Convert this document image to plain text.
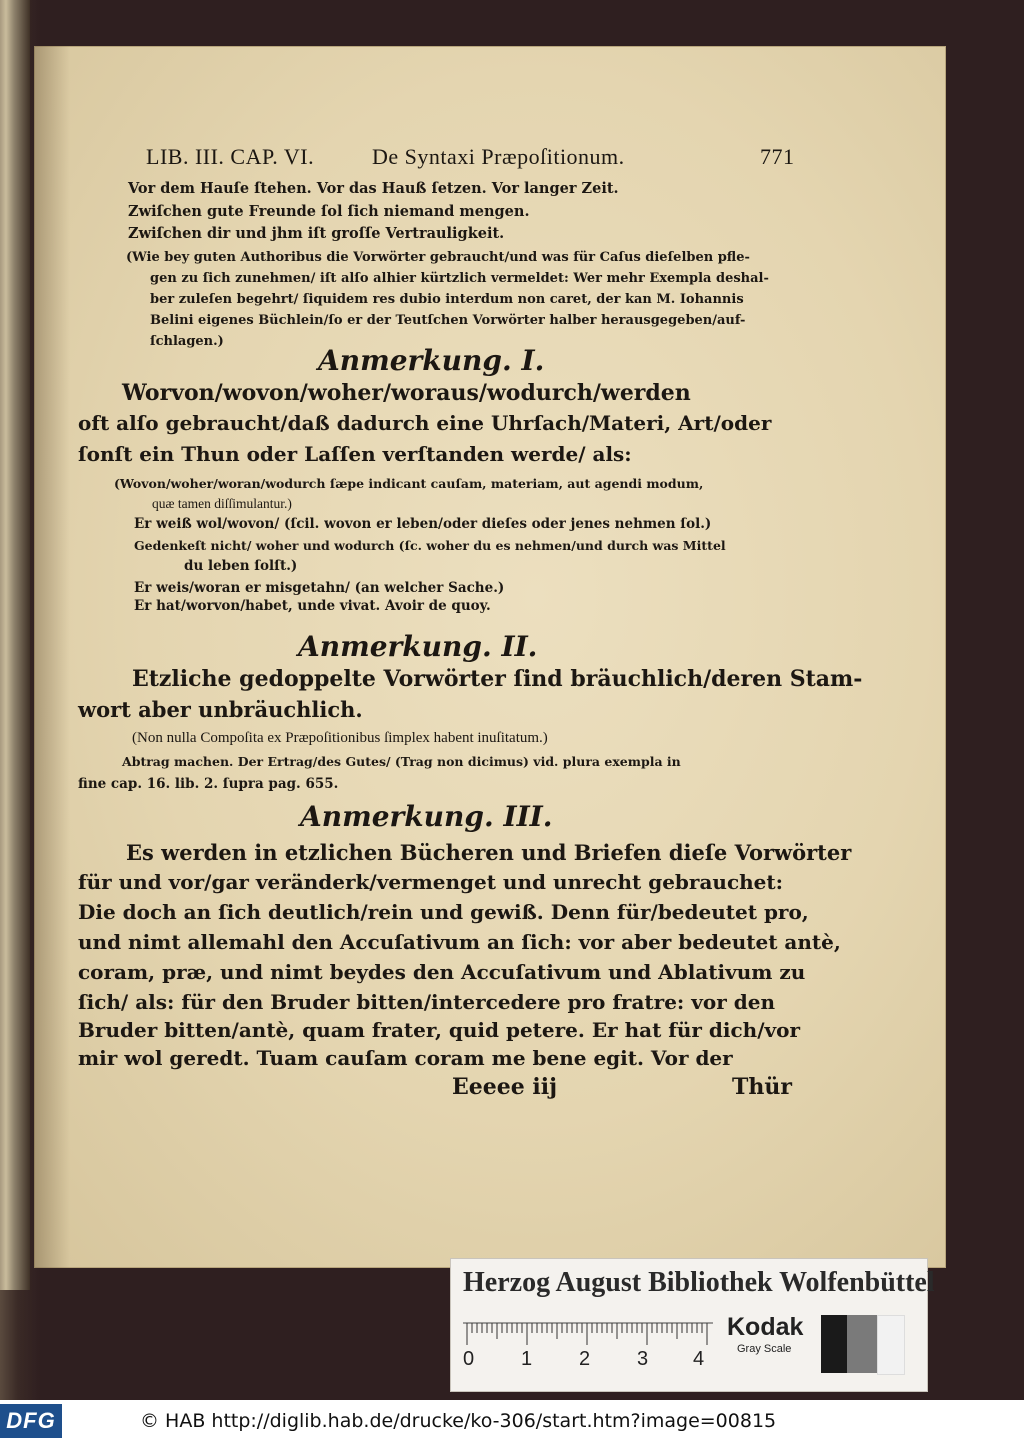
LIB. III. CAP. VI.	De Syntaxi Præpoſitionum.	771
Vor dem Hauſe ſtehen. Vor das Hauß ſetzen. Vor langer Zeit.
Zwiſchen gute Freunde ſol ſich niemand mengen.
Zwiſchen dir und jhm iſt groſſe Vertrauligkeit.
(Wie bey guten Authoribus die Vorwörter gebraucht/und was für Caſus dieſelben pfle-
gen zu ſich zunehmen/ iſt alſo alhier kürtzlich vermeldet: Wer mehr Exempla deshal-
ber zuleſen begehrt/ ſiquidem res dubio interdum non caret, der kan M. Iohannis
Belini eigenes Büchlein/ſo er der Teutſchen Vorwörter halber herausgegeben/auf-
ſchlagen.)
Anmerkung. I.
Worvon/wovon/woher/woraus/wodurch/werden
oft alſo gebraucht/daß dadurch eine Uhrſach/Materi, Art/oder
ſonſt ein Thun oder Laſſen verſtanden werde/ als:
(Wovon/woher/woran/wodurch ſæpe indicant cauſam, materiam, aut agendi modum,
quæ tamen diſſimulantur.)
Er weiß wol/wovon/ (ſcil. wovon er leben/oder dieſes oder jenes nehmen ſol.)
Gedenkeſt nicht/ woher und wodurch (ſc. woher du es nehmen/und durch was Mittel
du leben ſolſt.)
Er weis/woran er misgetahn/ (an welcher Sache.)
Er hat/worvon/habet, unde vivat. Avoir de quoy.
Anmerkung. II.
Etzliche gedoppelte Vorwörter ſind bräuchlich/deren Stam-
wort aber unbräuchlich.
(Non nulla Compoſita ex Præpoſitionibus ſimplex habent inuſitatum.)
Abtrag machen. Der Ertrag/des Gutes/ (Trag non dicimus) vid. plura exempla in
fine cap. 16. lib. 2. ſupra pag. 655.
Anmerkung. III.
Es werden in etzlichen Bücheren und Briefen dieſe Vorwörter
für und vor/gar veränderk/vermenget und unrecht gebrauchet:
Die doch an ſich deutlich/rein und gewiß. Denn für/bedeutet pro,
und nimt allemahl den Accuſativum an ſich: vor aber bedeutet antè,
coram, præ, und nimt beydes den Accuſativum und Ablativum zu
ſich/ als: für den Bruder bitten/intercedere pro fratre: vor den
Bruder bitten/antè, quam frater, quid petere. Er hat für dich/vor
mir wol geredt. Tuam cauſam coram me bene egit. Vor der
Eeeee iij	Thür
Herzog August Bibliothek Wolfenbüttel
0 1 2 3 4
Kodak
Gray Scale
DFG	© HAB http://diglib.hab.de/drucke/ko-306/start.htm?image=00815
